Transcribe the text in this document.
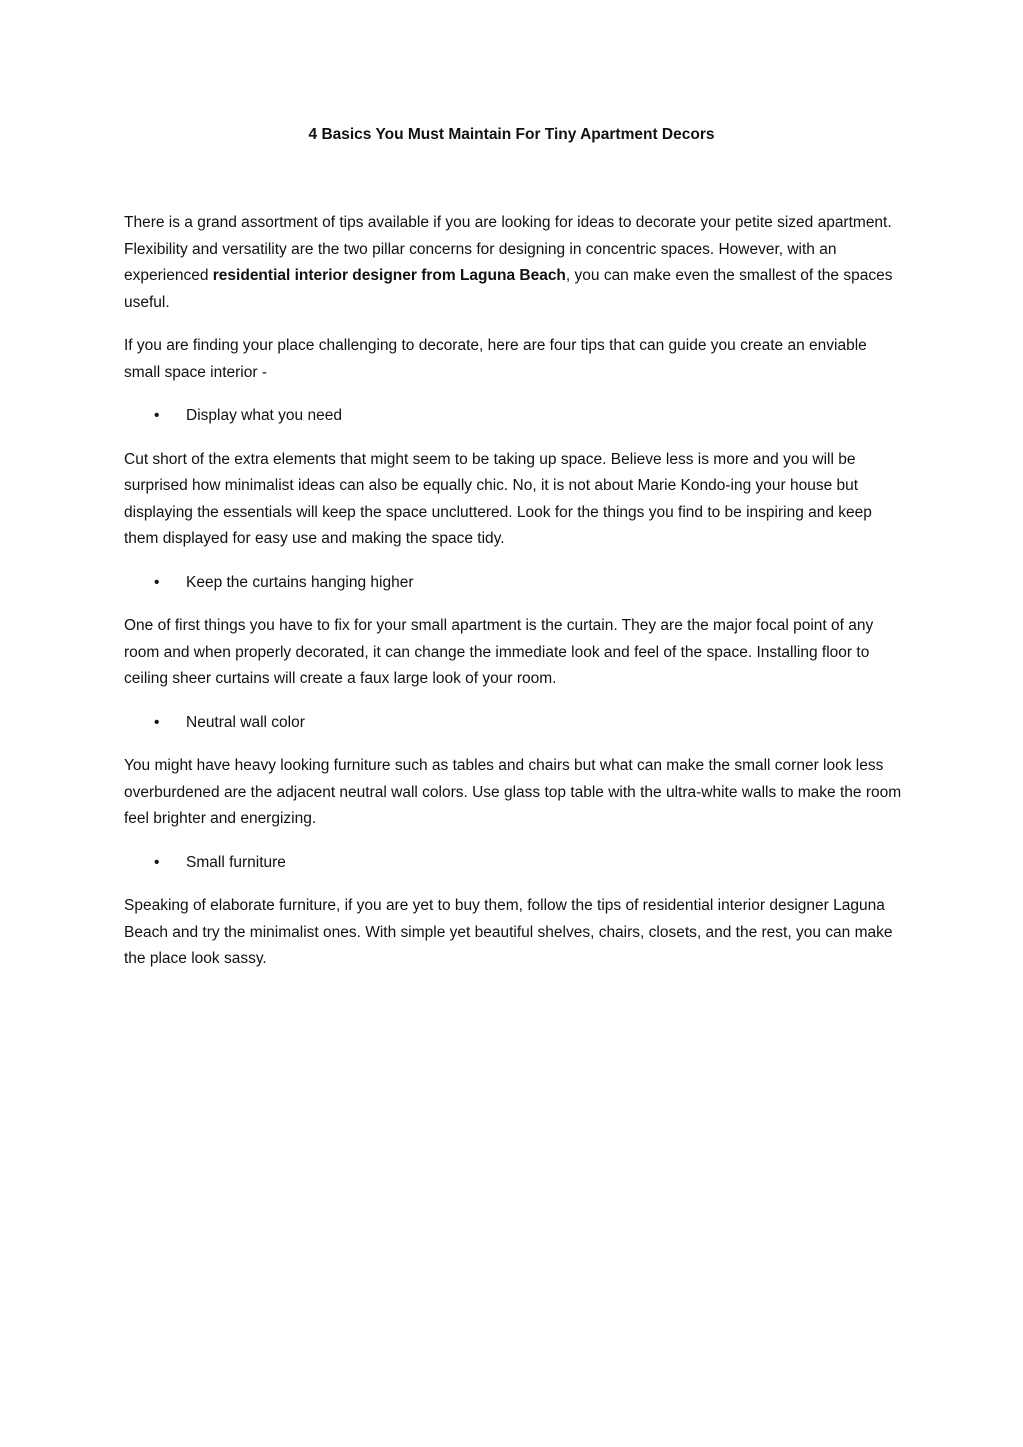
4 Basics You Must Maintain For Tiny Apartment Decors

There is a grand assortment of tips available if you are looking for ideas to decorate your petite sized apartment. Flexibility and versatility are the two pillar concerns for designing in concentric spaces. However, with an experienced residential interior designer from Laguna Beach, you can make even the smallest of the spaces useful.

If you are finding your place challenging to decorate, here are four tips that can guide you create an enviable small space interior -

• Display what you need

Cut short of the extra elements that might seem to be taking up space. Believe less is more and you will be surprised how minimalist ideas can also be equally chic. No, it is not about Marie Kondo-ing your house but displaying the essentials will keep the space uncluttered. Look for the things you find to be inspiring and keep them displayed for easy use and making the space tidy.

• Keep the curtains hanging higher

One of first things you have to fix for your small apartment is the curtain. They are the major focal point of any room and when properly decorated, it can change the immediate look and feel of the space. Installing floor to ceiling sheer curtains will create a faux large look of your room.

• Neutral wall color

You might have heavy looking furniture such as tables and chairs but what can make the small corner look less overburdened are the adjacent neutral wall colors. Use glass top table with the ultra-white walls to make the room feel brighter and energizing.

• Small furniture

Speaking of elaborate furniture, if you are yet to buy them, follow the tips of residential interior designer Laguna Beach and try the minimalist ones. With simple yet beautiful shelves, chairs, closets, and the rest, you can make the place look sassy.
